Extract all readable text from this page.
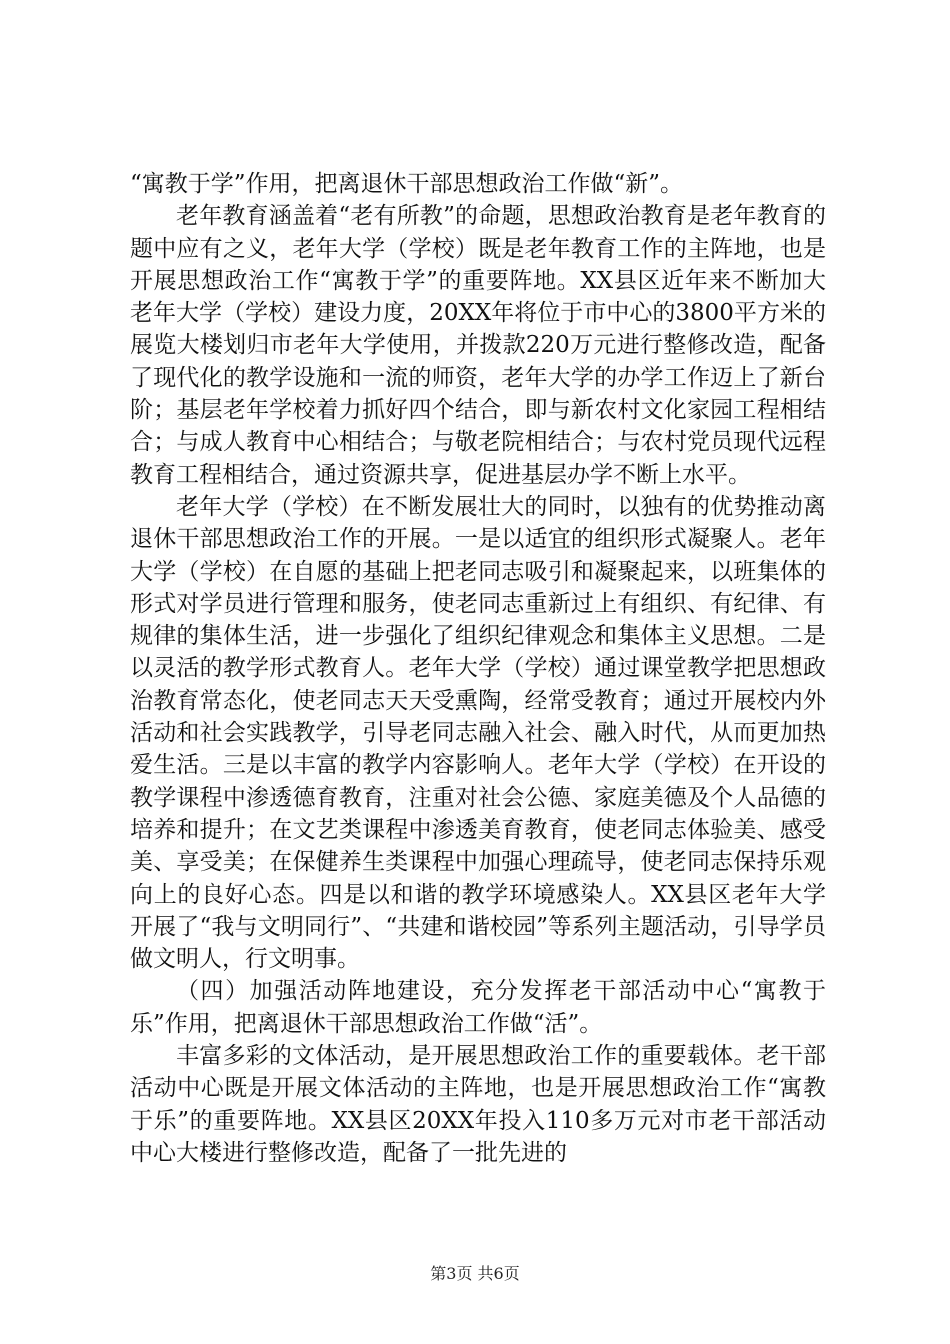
“寓教于学”作用，把离退休干部思想政治工作做“新”。

老年教育涵盖着“老有所教”的命题，思想政治教育是老年教育的题中应有之义，老年大学（学校）既是老年教育工作的主阵地，也是开展思想政治工作“寓教于学”的重要阵地。XX县区近年来不断加大老年大学（学校）建设力度，20XX年将位于市中心的3800平方米的展览大楼划归市老年大学使用，并拨款220万元进行整修改造，配备了现代化的教学设施和一流的师资，老年大学的办学工作迈上了新台阶；基层老年学校着力抓好四个结合，即与新农村文化家园工程相结合；与成人教育中心相结合；与敬老院相结合；与农村党员现代远程教育工程相结合，通过资源共享，促进基层办学不断上水平。

老年大学（学校）在不断发展壮大的同时，以独有的优势推动离退休干部思想政治工作的开展。一是以适宜的组织形式凝聚人。老年大学（学校）在自愿的基础上把老同志吸引和凝聚起来，以班集体的形式对学员进行管理和服务，使老同志重新过上有组织、有纪律、有规律的集体生活，进一步强化了组织纪律观念和集体主义思想。二是以灵活的教学形式教育人。老年大学（学校）通过课堂教学把思想政治教育常态化，使老同志天天受熏陶，经常受教育；通过开展校内外活动和社会实践教学，引导老同志融入社会、融入时代，从而更加热爱生活。三是以丰富的教学内容影响人。老年大学（学校）在开设的教学课程中渗透德育教育，注重对社会公德、家庭美德及个人品德的培养和提升；在文艺类课程中渗透美育教育，使老同志体验美、感受美、享受美；在保健养生类课程中加强心理疏导，使老同志保持乐观向上的良好心态。四是以和谐的教学环境感染人。XX县区老年大学开展了“我与文明同行”、“共建和谐校园”等系列主题活动，引导学员做文明人，行文明事。

（四）加强活动阵地建设，充分发挥老干部活动中心“寓教于乐”作用，把离退休干部思想政治工作做“活”。

丰富多彩的文体活动，是开展思想政治工作的重要载体。老干部活动中心既是开展文体活动的主阵地，也是开展思想政治工作“寓教于乐”的重要阵地。XX县区20XX年投入110多万元对市老干部活动中心大楼进行整修改造，配备了一批先进的

第3页 共6页
